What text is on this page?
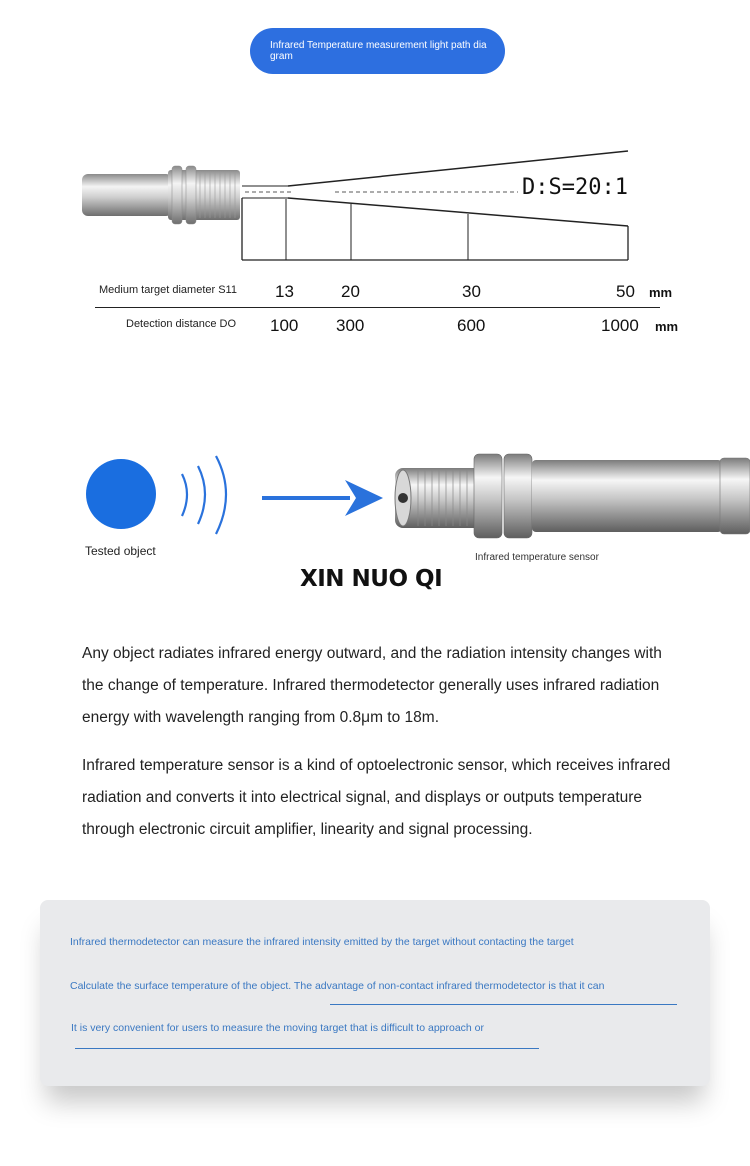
Infrared Temperature measurement light path diagram
D:S=20:1
Medium target diameter S11 13	20	30	50 mm
Detection distance DO 100 300	600	1000 mm
Tested object	Infrared temperature sensor
XIN NUO QI
Any object radiates infrared energy outward, and the radiation intensity changes with the change of temperature. Infrared thermodetector generally uses infrared radiation energy with wavelength ranging from 0.8μm to 18m.
Infrared temperature sensor is a kind of optoelectronic sensor, which receives infrared radiation and converts it into electrical signal, and displays or outputs temperature through electronic circuit amplifier, linearity and signal processing.
Infrared thermodetector can measure the infrared intensity emitted by the target without contacting the target
Calculate the surface temperature of the object. The advantage of non-contact infrared thermodetector is that it can
It is very convenient for users to measure the moving target that is difficult to approach or
